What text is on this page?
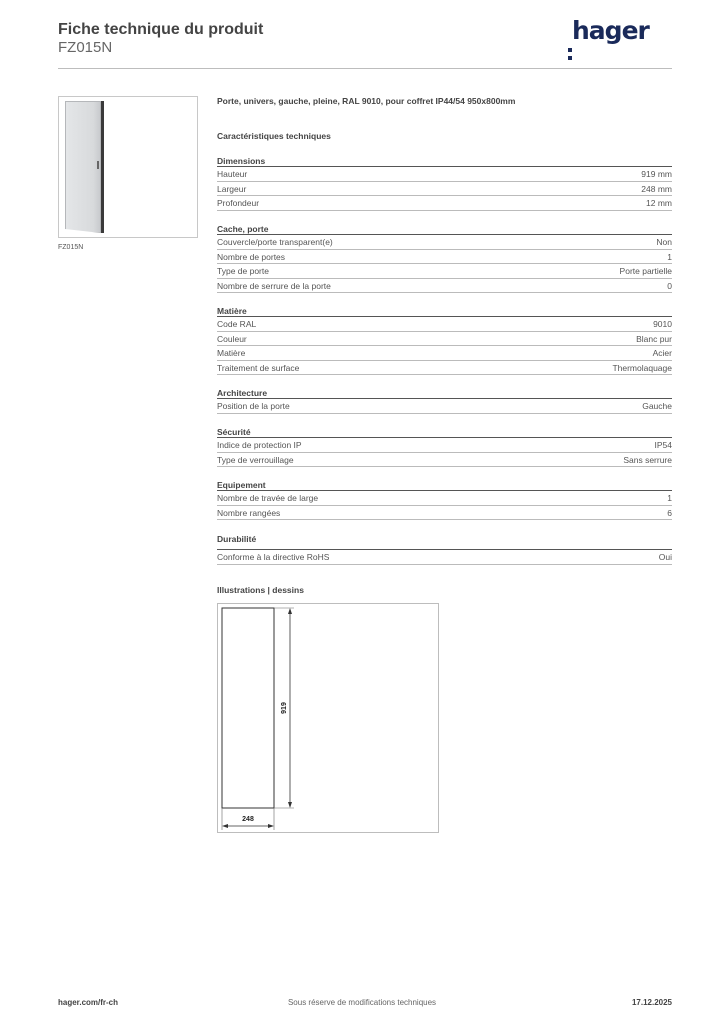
Fiche technique du produit
FZ015N
hager
FZ015N
Porte, univers, gauche, pleine, RAL 9010, pour coffret IP44/54 950x800mm
Caractéristiques techniques
Dimensions
Hauteur	919 mm
Largeur	248 mm
Profondeur	12 mm
Cache, porte
Couvercle/porte transparent(e)	Non
Nombre de portes	1
Type de porte	Porte partielle
Nombre de serrure de la porte	0
Matière
Code RAL	9010
Couleur	Blanc pur
Matière	Acier
Traitement de surface	Thermolaquage
Architecture
Position de la porte	Gauche
Sécurité
Indice de protection IP	IP54
Type de verrouillage	Sans serrure
Equipement
Nombre de travée de large	1
Nombre rangées	6
Durabilité
Conforme à la directive RoHS	Oui
Illustrations | dessins
919
248
hager.com/fr-ch	Sous réserve de modifications techniques	17.12.2025
